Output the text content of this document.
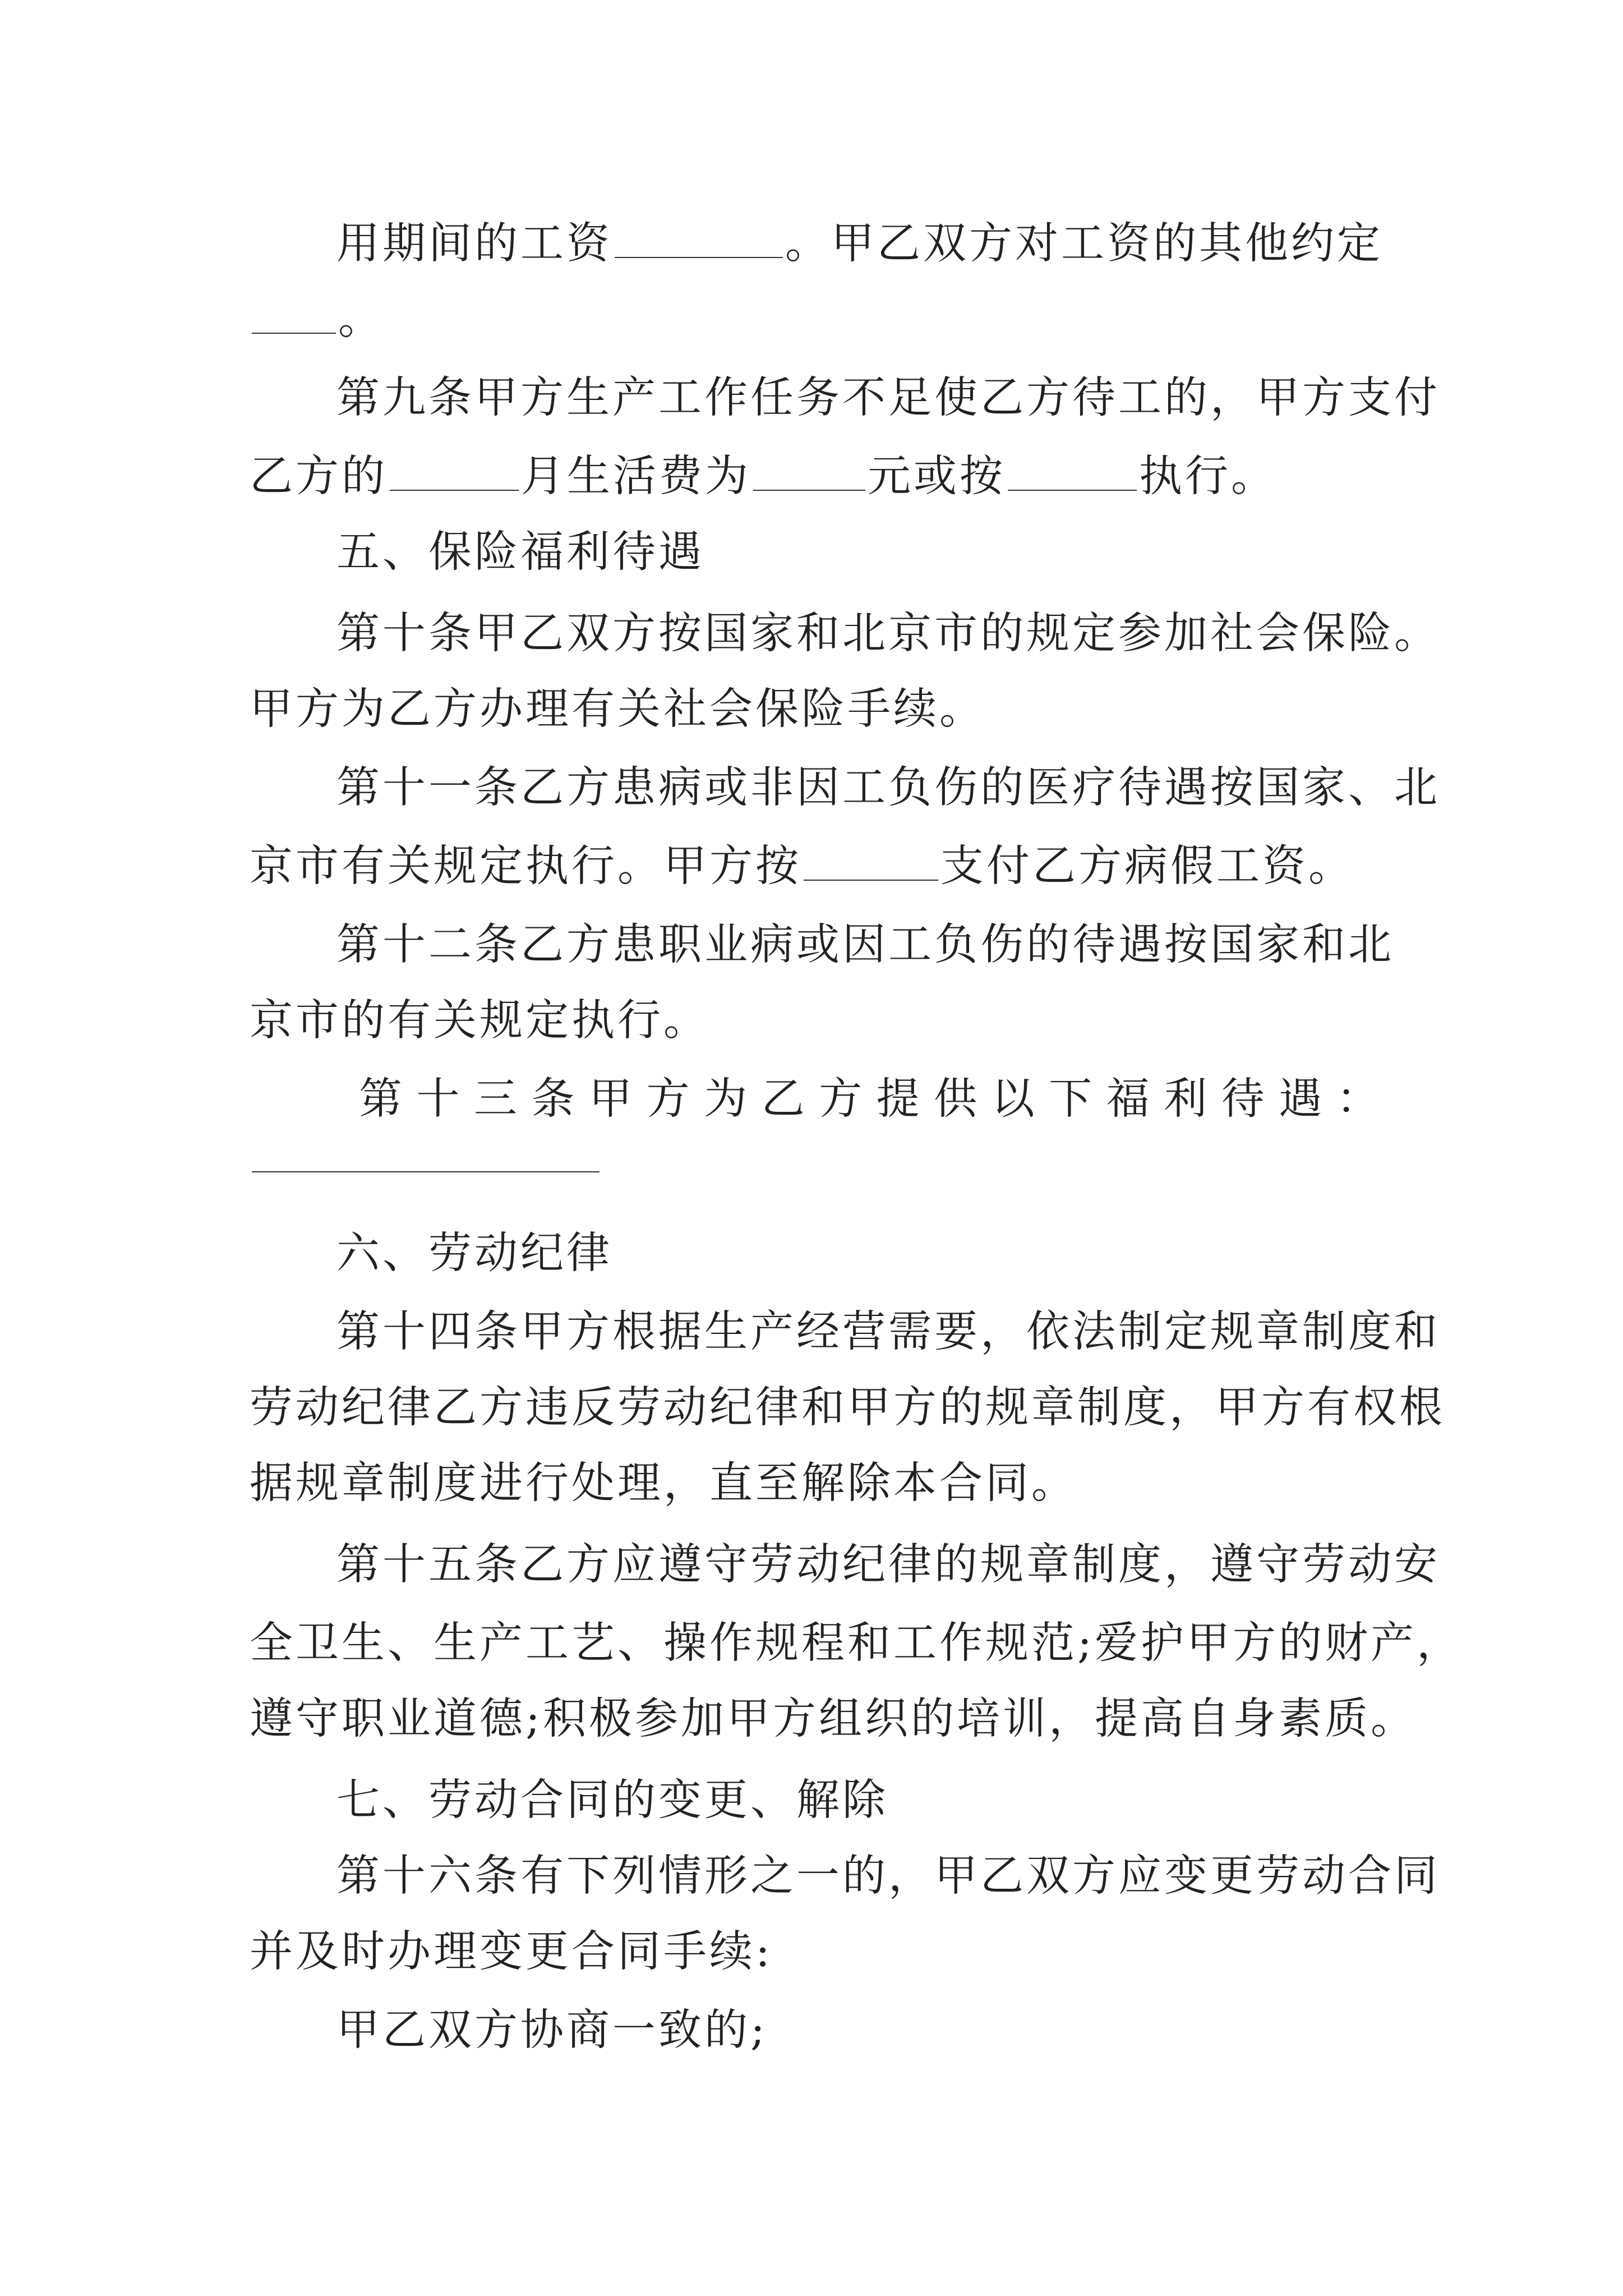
用期间的工资	。甲乙双方对工资的其他约定
。
第九条甲方生产工作任务不足使乙方待工的，甲方支付
乙方的	月生活费为	元或按	执行。
五、保险福利待遇
第十条甲乙双方按国家和北京市的规定参加社会保险。
甲方为乙方办理有关社会保险手续。
第十一条乙方患病或非因工负伤的医疗待遇按国家、北
京市有关规定执行。甲方按	支付乙方病假工资。
第十二条乙方患职业病或因工负伤的待遇按国家和北
京市的有关规定执行。
六、劳动纪律
第十四条甲方根据生产经营需要，依法制定规章制度和
劳动纪律乙方违反劳动纪律和甲方的规章制度，甲方有权根
据规章制度进行处理，直至解除本合同。
第十五条乙方应遵守劳动纪律的规章制度，遵守劳动安
全卫生、生产工艺、操作规程和工作规范;爱护甲方的财产，
遵守职业道德;积极参加甲方组织的培训，提高自身素质。
七、劳动合同的变更、解除
第十六条有下列情形之一的，甲乙双方应变更劳动合同
并及时办理变更合同手续:
甲乙双方协商一致的;
第 十 三 条 甲 方 为 乙 方 提 供 以 下 福 利 待 遇 ：
